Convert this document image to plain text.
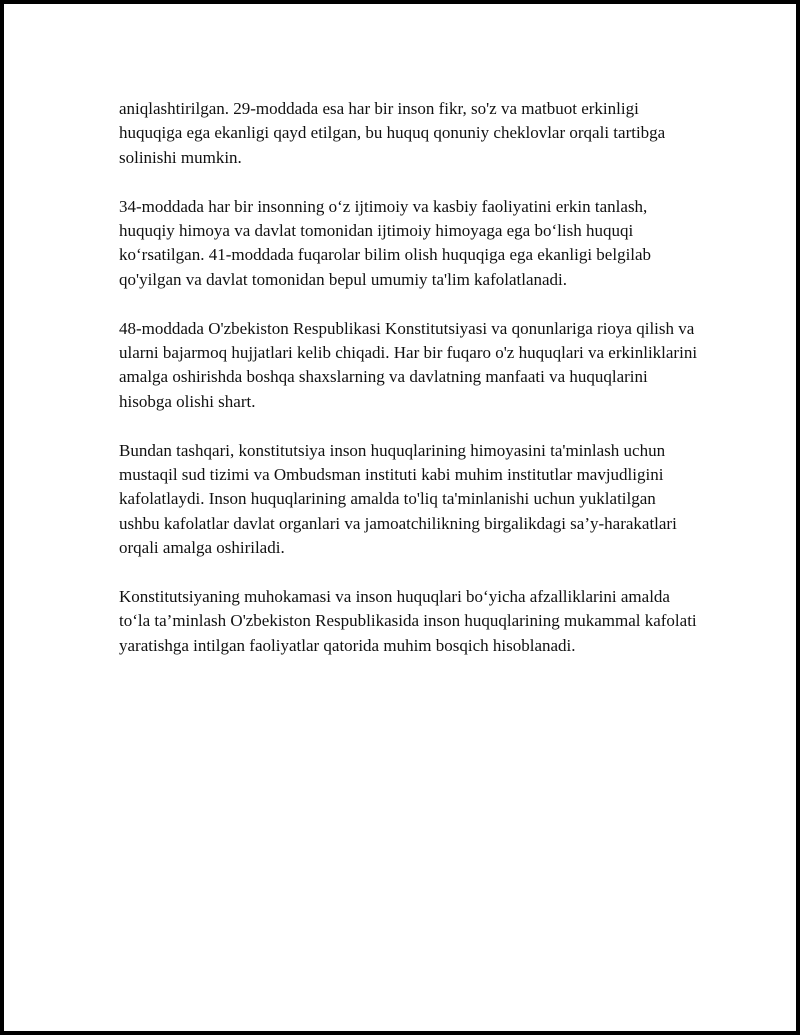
aniqlashtirilgan. 29-moddada esa har bir inson fikr, so'z va matbuot erkinligi huquqiga ega ekanligi qayd etilgan, bu huquq qonuniy cheklovlar orqali tartibga solinishi mumkin.

34-moddada har bir insonning o‘z ijtimoiy va kasbiy faoliyatini erkin tanlash, huquqiy himoya va davlat tomonidan ijtimoiy himoyaga ega bo‘lish huquqi ko‘rsatilgan. 41-moddada fuqarolar bilim olish huquqiga ega ekanligi belgilab qo'yilgan va davlat tomonidan bepul umumiy ta'lim kafolatlanadi.

48-moddada O'zbekiston Respublikasi Konstitutsiyasi va qonunlariga rioya qilish va ularni bajarmoq hujjatlari kelib chiqadi. Har bir fuqaro o'z huquqlari va erkinliklarini amalga oshirishda boshqa shaxslarning va davlatning manfaati va huquqlarini hisobga olishi shart.

Bundan tashqari, konstitutsiya inson huquqlarining himoyasini ta'minlash uchun mustaqil sud tizimi va Ombudsman instituti kabi muhim institutlar mavjudligini kafolatlaydi. Inson huquqlarining amalda to'liq ta'minlanishi uchun yuklatilgan ushbu kafolatlar davlat organlari va jamoatchilikning birgalikdagi sa’y-harakatlari orqali amalga oshiriladi.

Konstitutsiyaning muhokamasi va inson huquqlari bo‘yicha afzalliklarini amalda to‘la ta’minlash O'zbekiston Respublikasida inson huquqlarining mukammal kafolati yaratishga intilgan faoliyatlar qatorida muhim bosqich hisoblanadi.
